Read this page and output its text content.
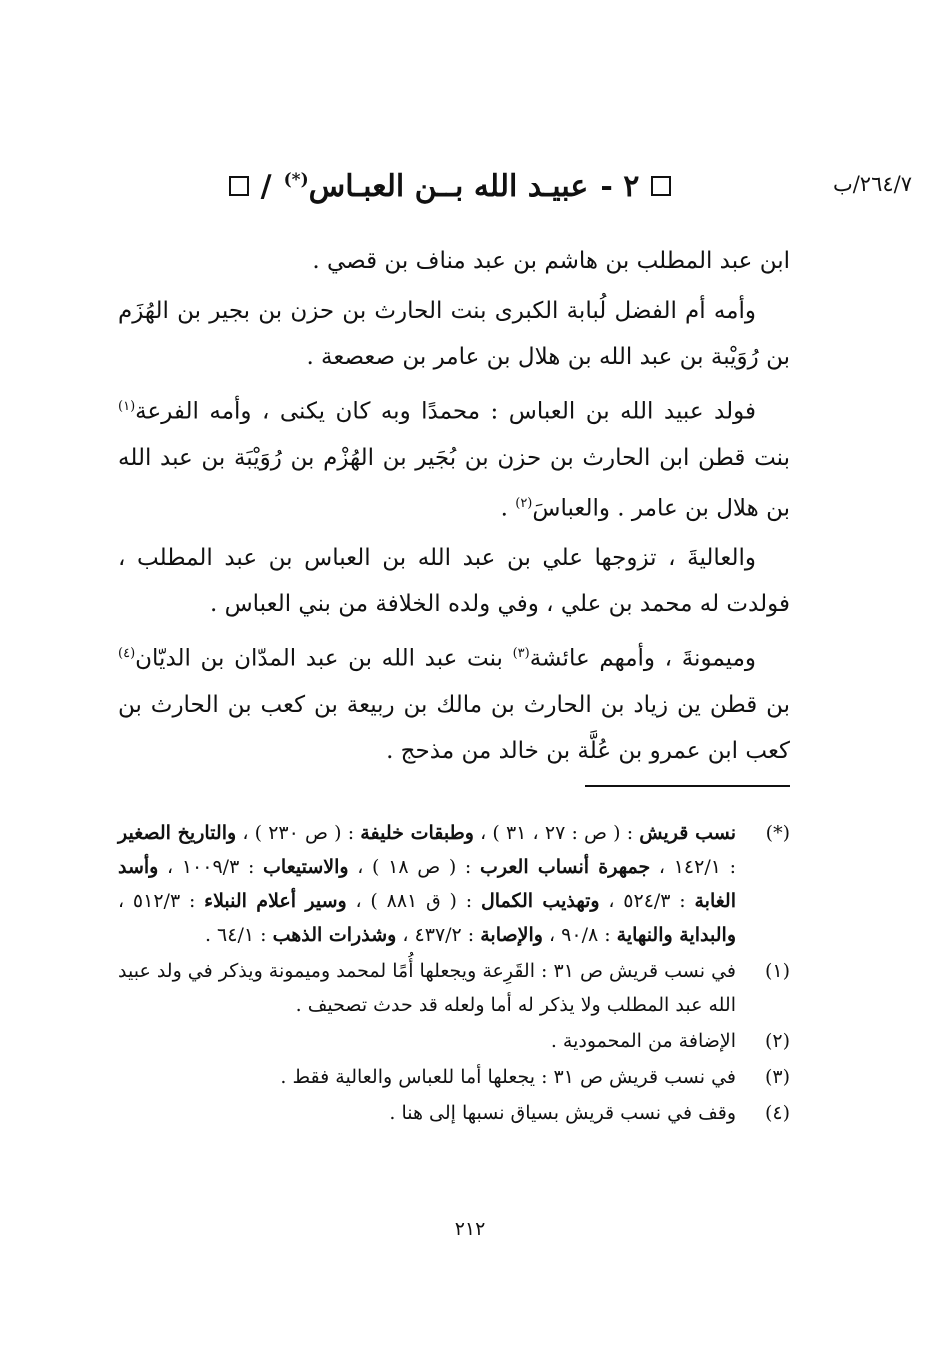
٢٦٤/٧/ب
٢ -
عبيـد الله بــن العبـاس(*)
/

ابن عبد المطلب بن هاشم بن عبد مناف بن قصي .

وأمه أم الفضل لُبابة الكبرى بنت الحارث بن حزن بن بجير بن الهُزَم بن رُوَيْبة بن عبد الله بن هلال بن عامر بن صعصعة .

فولد عبيد الله بن العباس : محمدًا وبه كان يكنى ، وأمه الفرعة$^{(١)}$ بنت قطن ابن الحارث بن حزن بن بُجَير بن الهُزْم بن رُوَيْبَة بن عبد الله بن هلال بن عامر . والعباسَ$^{(٢)}$ .

والعاليةَ ، تزوجها علي بن عبد الله بن العباس بن عبد المطلب ، فولدت له محمد بن علي ، وفي ولده الخلافة من بني العباس .

وميمونةَ ، وأمهم عائشة$^{(٣)}$ بنت عبد الله بن عبد المدّان بن الديّان$^{(٤)}$ بن قطن ين زياد بن الحارث بن مالك بن ربيعة بن كعب بن الحارث بن كعب ابن عمرو بن عُلَّة بن خالد من مذحج .

(*)
نسب قريش : ( ص : ٢٧ ، ٣١ ) ، وطبقات خليفة : ( ص ٢٣٠ ) ، والتاريخ الصغير : ١٤٢/١ ، جمهرة أنساب العرب : ( ص ١٨ ) ، والاستيعاب : ١٠٠٩/٣ ، وأسد الغابة : ٥٢٤/٣ ، وتهذيب الكمال : ( ق ٨٨١ ) ، وسير أعلام النبلاء : ٥١٢/٣ ، والبداية والنهاية : ٩٠/٨ ، والإصابة : ٤٣٧/٢ ، وشذرات الذهب : ٦٤/١ .
(١)
في نسب قريش ص ٣١ : القَرِعة ويجعلها أُمًا لمحمد وميمونة ويذكر في ولد عبيد الله عبد المطلب ولا يذكر له أما ولعله قد حدث تصحيف .
(٢)
الإضافة من المحمودية .
(٣)
في نسب قريش ص ٣١ : يجعلها أما للعباس والعالية فقط .
(٤)
وقف في نسب قريش بسياق نسبها إلى هنا .
٢١٢
